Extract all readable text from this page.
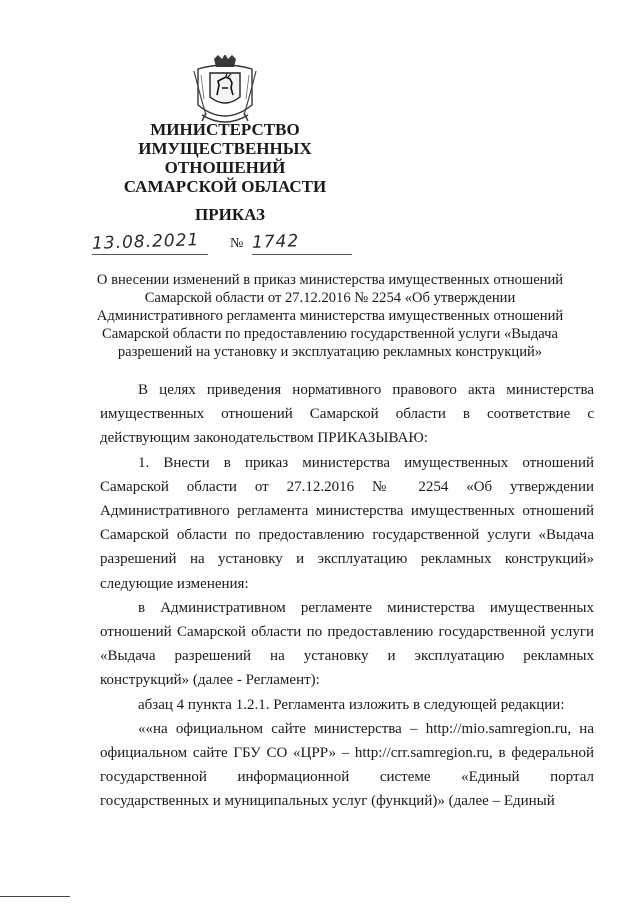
МИНИСТЕРСТВО
ИМУЩЕСТВЕННЫХ
ОТНОШЕНИЙ
САМАРСКОЙ ОБЛАСТИ
ПРИКАЗ
13.08.2021	№ 1742
О внесении изменений в приказ министерства имущественных отношений Самарской области от 27.12.2016 № 2254 «Об утверждении Административного регламента министерства имущественных отношений Самарской области по предоставлению государственной услуги «Выдача разрешений на установку и эксплуатацию рекламных конструкций»

В целях приведения нормативного правового акта министерства имущественных отношений Самарской области в соответствие с действующим законодательством ПРИКАЗЫВАЮ:

1. Внести в приказ министерства имущественных отношений Самарской области от 27.12.2016 № 2254 «Об утверждении Административного регламента министерства имущественных отношений Самарской области по предоставлению государственной услуги «Выдача разрешений на установку и эксплуатацию рекламных конструкций» следующие изменения:

в Административном регламенте министерства имущественных отношений Самарской области по предоставлению государственной услуги «Выдача разрешений на установку и эксплуатацию рекламных конструкций» (далее - Регламент):

абзац 4 пункта 1.2.1. Регламента изложить в следующей редакции:

««на официальном сайте министерства – http://mio.samregion.ru, на официальном сайте ГБУ СО «ЦРР» – http://crr.samregion.ru, в федеральной государственной информационной системе «Единый портал государственных и муниципальных услуг (функций)» (далее – Единый
